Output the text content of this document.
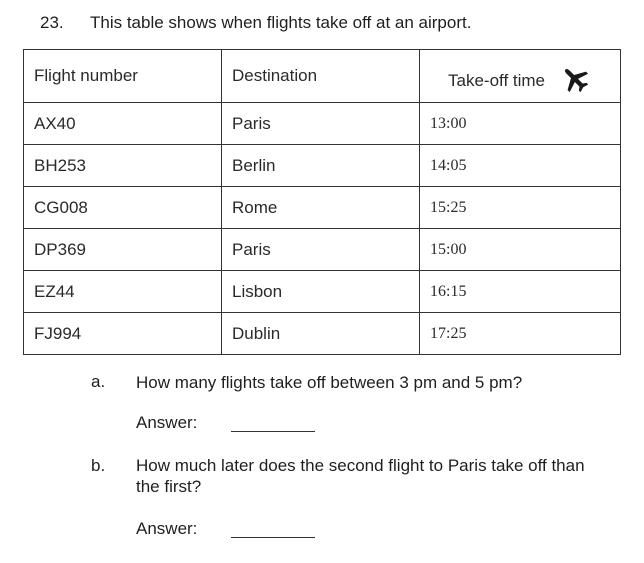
23. This table shows when flights take off at an airport.
Flight number	Destination	Take-off time

AX40	Paris	13:00
BH253	Berlin	14:05
CG008	Rome	15:25
DP369	Paris	15:00
EZ44	Lisbon	16:15
FJ994	Dublin	17:25
a. How many flights take off between 3 pm and 5 pm?
Answer:
b. How much later does the second flight to Paris take off than the first?
Answer:
